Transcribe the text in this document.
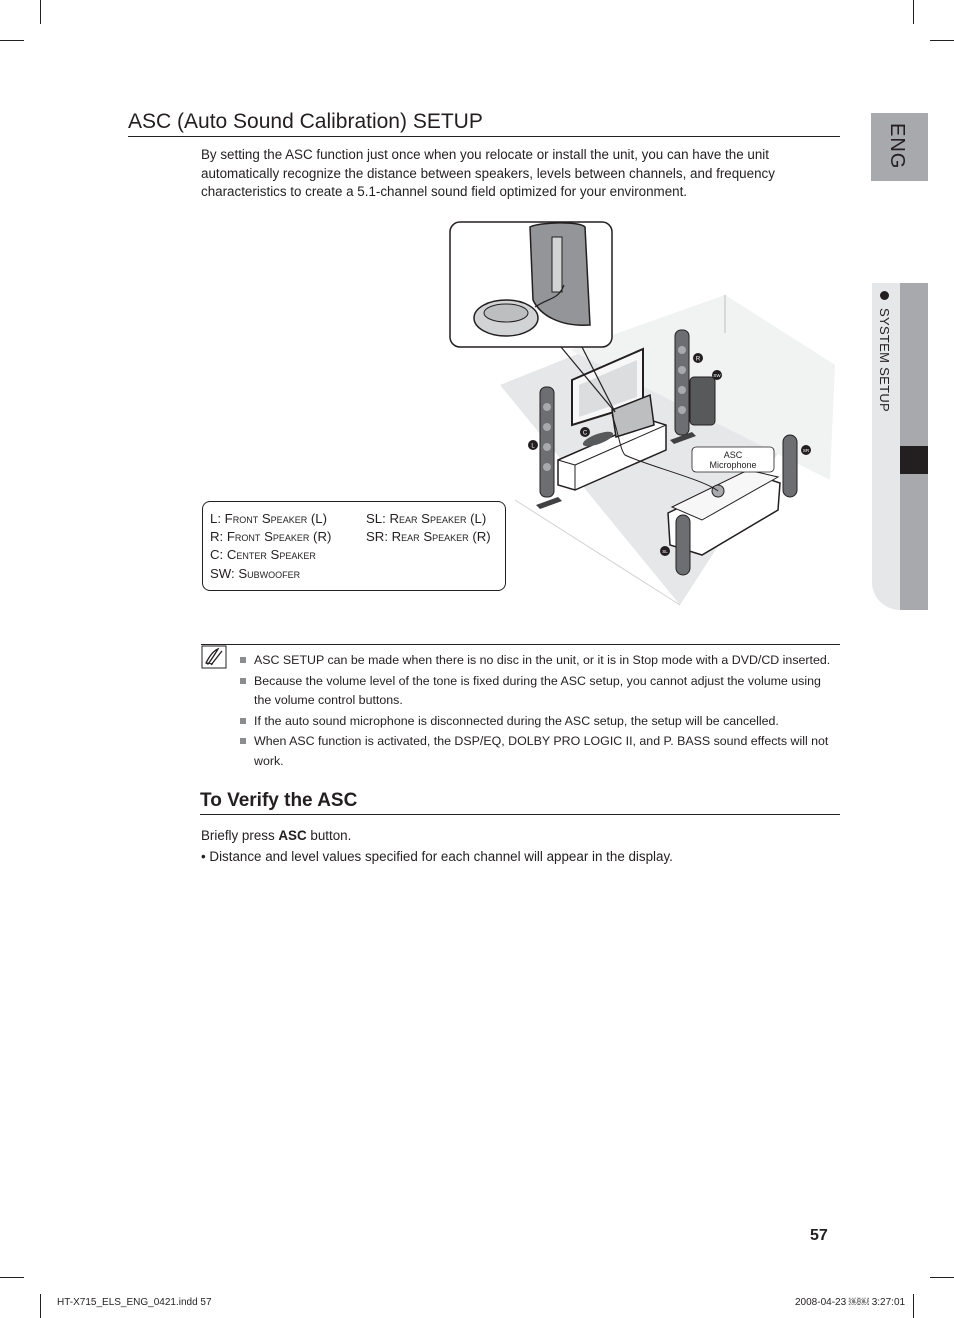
ENG
SYSTEM SETUP
ASC (Auto Sound Calibration) SETUP
By setting the ASC function just once when you relocate or install the unit, you can have the unit automatically recognize the distance between speakers, levels between channels, and frequency characteristics to create a 5.1-channel sound field optimized for your environment.
ASC
Microphone
L
C
R
SW
SR
SL
L: Front Speaker (L)
R: Front Speaker (R)
C: Center Speaker
SW: Subwoofer
SL: Rear Speaker (L)
SR: Rear Speaker (R)
ASC SETUP can be made when there is no disc in the unit, or it is in Stop mode with a DVD/CD inserted.
Because the volume level of the tone is fixed during the ASC setup, you cannot adjust the volume using the volume control buttons.
If the auto sound microphone is disconnected during the ASC setup, the setup will be cancelled.
When ASC function is activated, the DSP/EQ, DOLBY PRO LOGIC II, and P. BASS sound effects will not work.
To Verify the ASC
Briefly press ASC button.
• Distance and level values specified for each channel will appear in the display.
57
HT-X715_ELS_ENG_0421.indd 57	2008-04-23 ￼￼ 3:27:01
